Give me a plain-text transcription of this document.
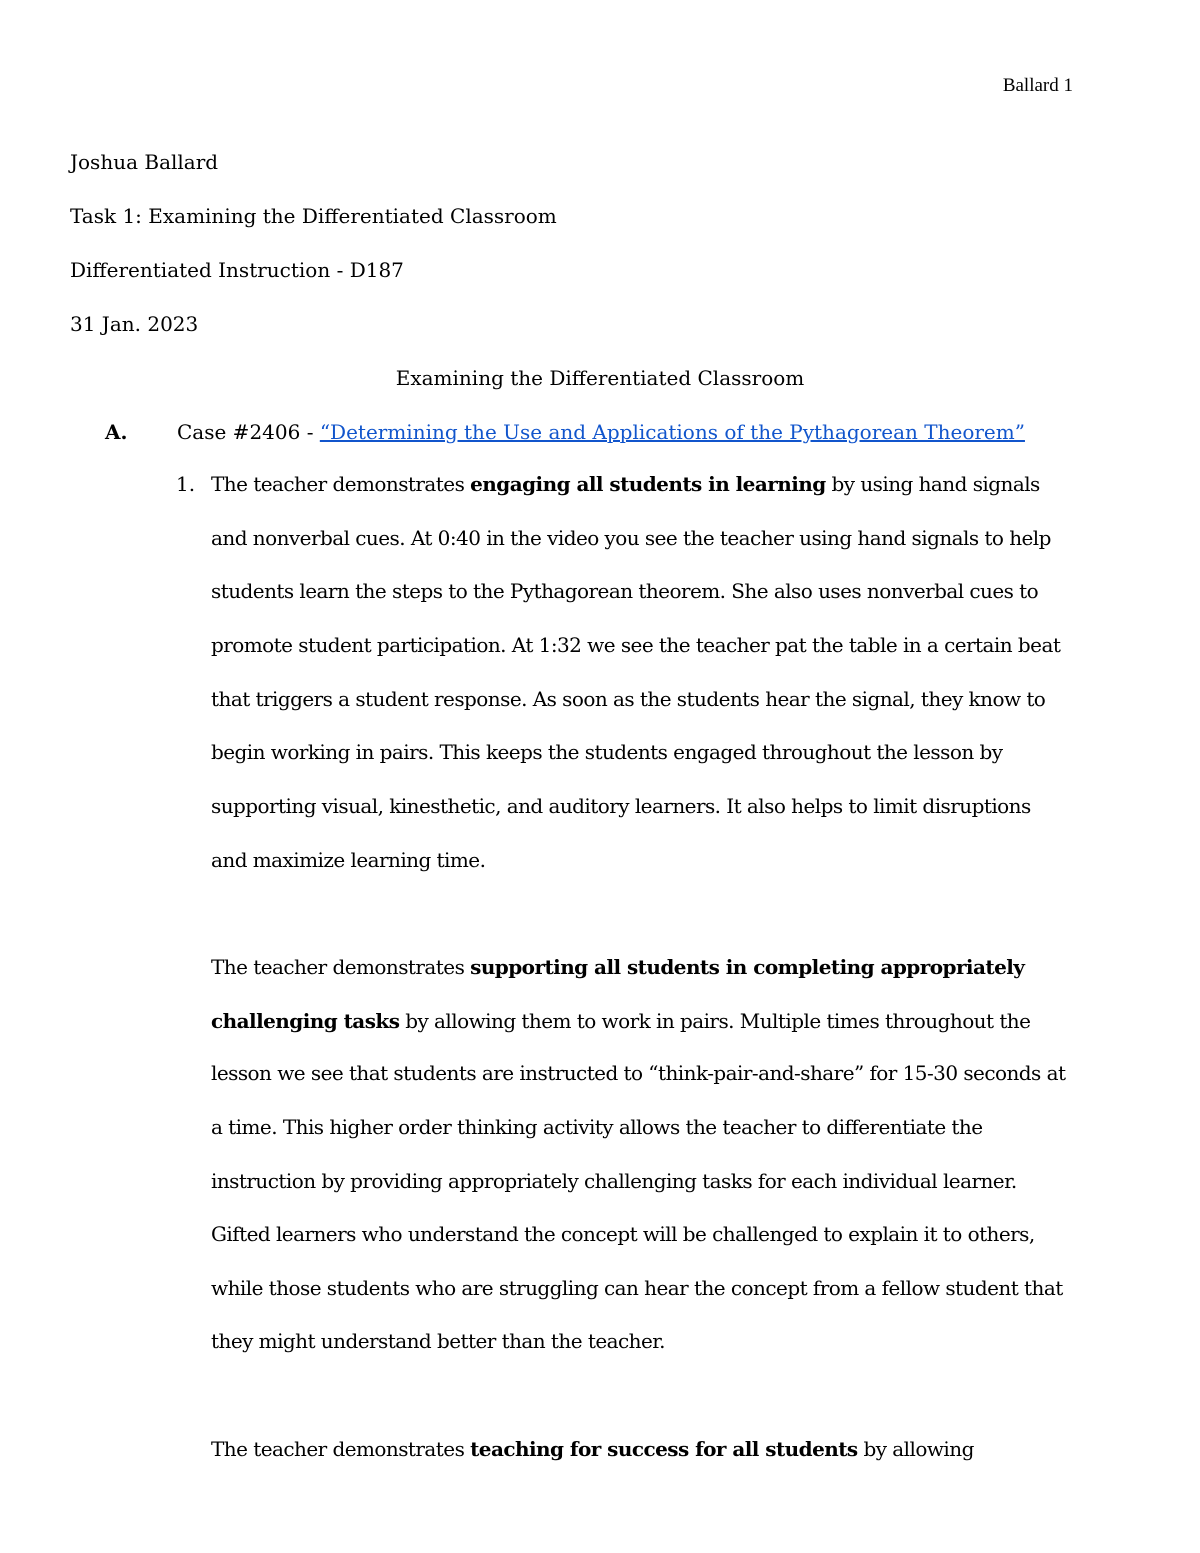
Ballard 1
Joshua Ballard
Task 1: Examining the Differentiated Classroom
Differentiated Instruction - D187
31 Jan. 2023
Examining the Differentiated Classroom
A. Case #2406 - “Determining the Use and Applications of the Pythagorean Theorem”
1. The teacher demonstrates engaging all students in learning by using hand signals
and nonverbal cues. At 0:40 in the video you see the teacher using hand signals to help
students learn the steps to the Pythagorean theorem. She also uses nonverbal cues to
promote student participation. At 1:32 we see the teacher pat the table in a certain beat
that triggers a student response. As soon as the students hear the signal, they know to
begin working in pairs. This keeps the students engaged throughout the lesson by
supporting visual, kinesthetic, and auditory learners. It also helps to limit disruptions
and maximize learning time.
The teacher demonstrates supporting all students in completing appropriately
challenging tasks by allowing them to work in pairs. Multiple times throughout the
lesson we see that students are instructed to “think-pair-and-share” for 15-30 seconds at
a time. This higher order thinking activity allows the teacher to differentiate the
instruction by providing appropriately challenging tasks for each individual learner.
Gifted learners who understand the concept will be challenged to explain it to others,
while those students who are struggling can hear the concept from a fellow student that
they might understand better than the teacher.
The teacher demonstrates teaching for success for all students by allowing
